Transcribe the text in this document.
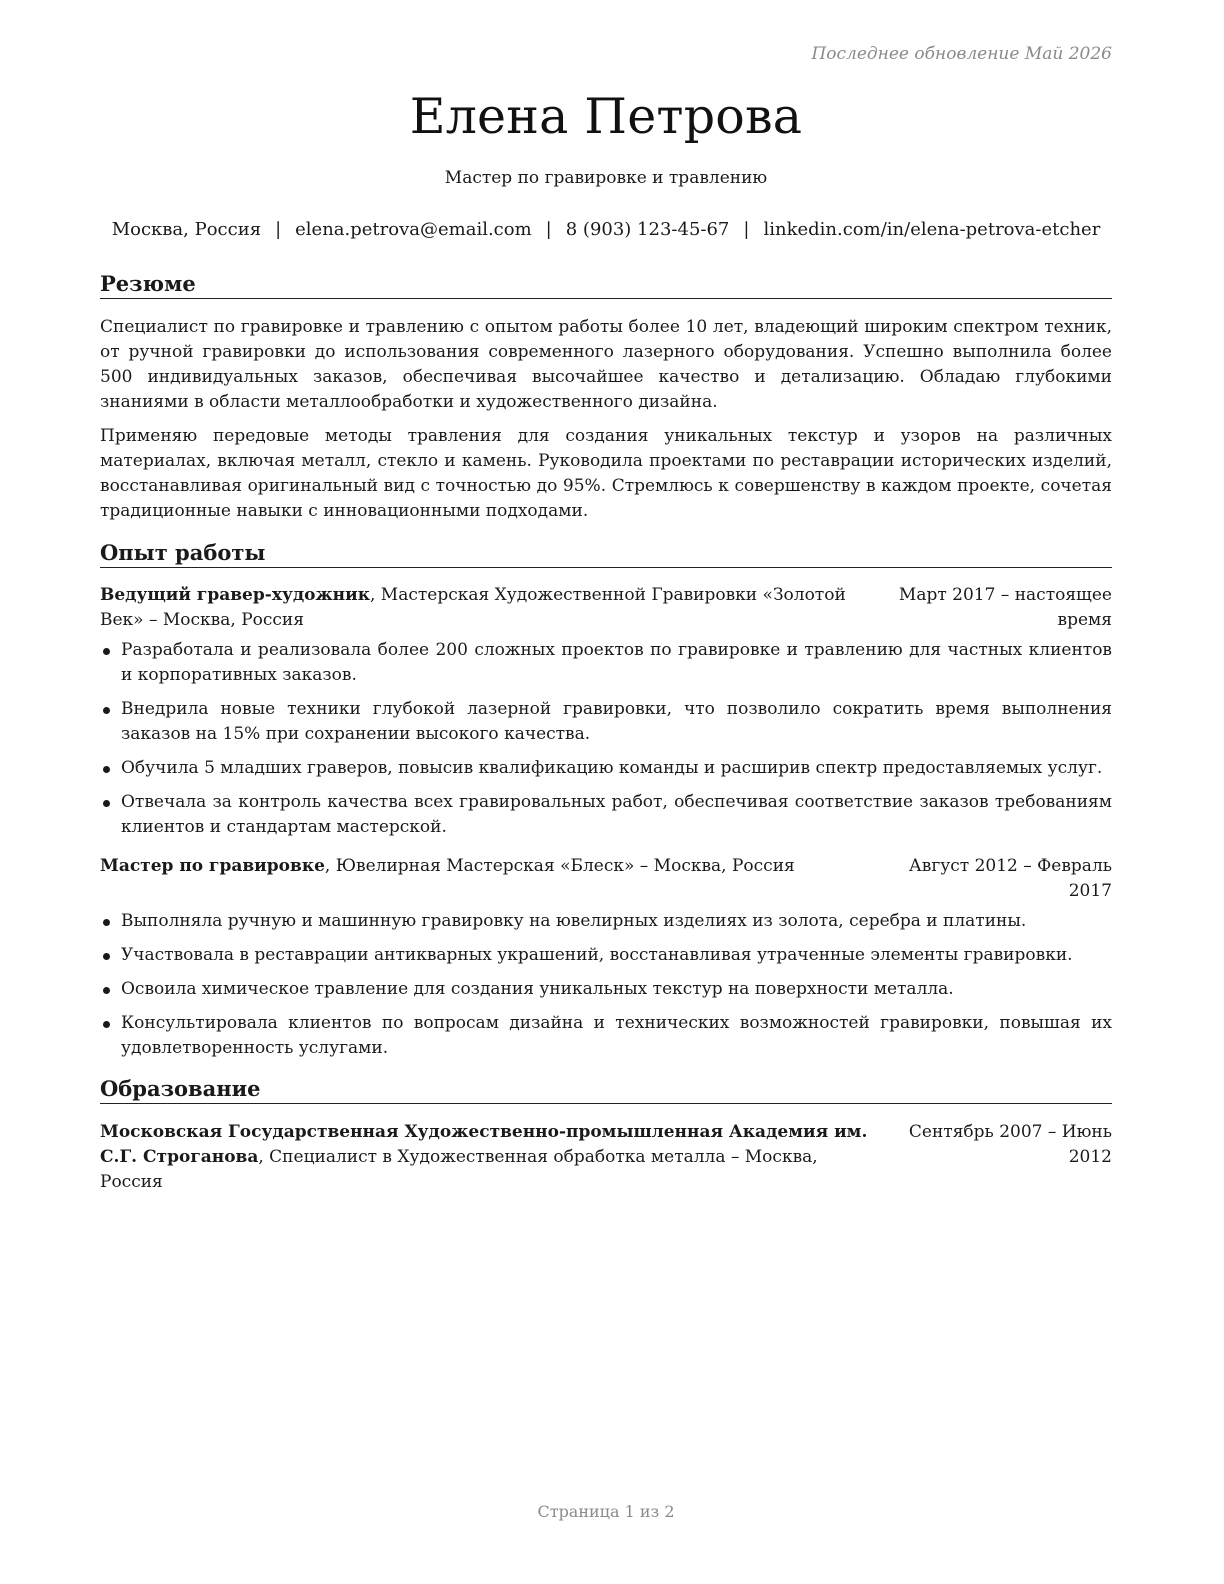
Последнее обновление Май 2026
Елена Петрова
Мастер по гравировке и травлению
Москва, Россия | elena.petrova@email.com | 8 (903) 123-45-67 | linkedin.com/in/elena-petrova-etcher
Резюме

Специалист по гравировке и травлению с опытом работы более 10 лет, владеющий широким спектром техник, от ручной гравировки до использования современного лазерного оборудования. Успешно выполнила более 500 индивидуальных заказов, обеспечивая высочайшее качество и детализацию. Обладаю глубокими знаниями в области металлообработки и художественного дизайна.

Применяю передовые методы травления для создания уникальных текстур и узоров на различных материалах, включая металл, стекло и камень. Руководила проектами по реставрации исторических изделий, восстанавливая оригинальный вид с точностью до 95%. Стремлюсь к совершенству в каждом проекте, сочетая традиционные навыки с инновационными подходами.

Опыт работы
Ведущий гравер-художник, Мастерская Художественной Гравировки «Золотой Век» – Москва, Россия
Март 2017 – настоящее время
Разработала и реализовала более 200 сложных проектов по гравировке и травлению для частных клиентов и корпоративных заказов.
Внедрила новые техники глубокой лазерной гравировки, что позволило сократить время выполнения заказов на 15% при сохранении высокого качества.
Обучила 5 младших граверов, повысив квалификацию команды и расширив спектр предоставляемых услуг.
Отвечала за контроль качества всех гравировальных работ, обеспечивая соответствие заказов требованиям клиентов и стандартам мастерской.
Мастер по гравировке, Ювелирная Мастерская «Блеск» – Москва, Россия	Август 2012 – Февраль 2017
Выполняла ручную и машинную гравировку на ювелирных изделиях из золота, серебра и платины.
Участвовала в реставрации антикварных украшений, восстанавливая утраченные элементы гравировки.
Освоила химическое травление для создания уникальных текстур на поверхности металла.
Консультировала клиентов по вопросам дизайна и технических возможностей гравировки, повышая их удовлетворенность услугами.
Образование
Московская Государственная Художественно-промышленная Академия им. С.Г. Строганова, Специалист в Художественная обработка металла – Москва, Россия
Сентябрь 2007 – Июнь 2012
Страница 1 из 2
